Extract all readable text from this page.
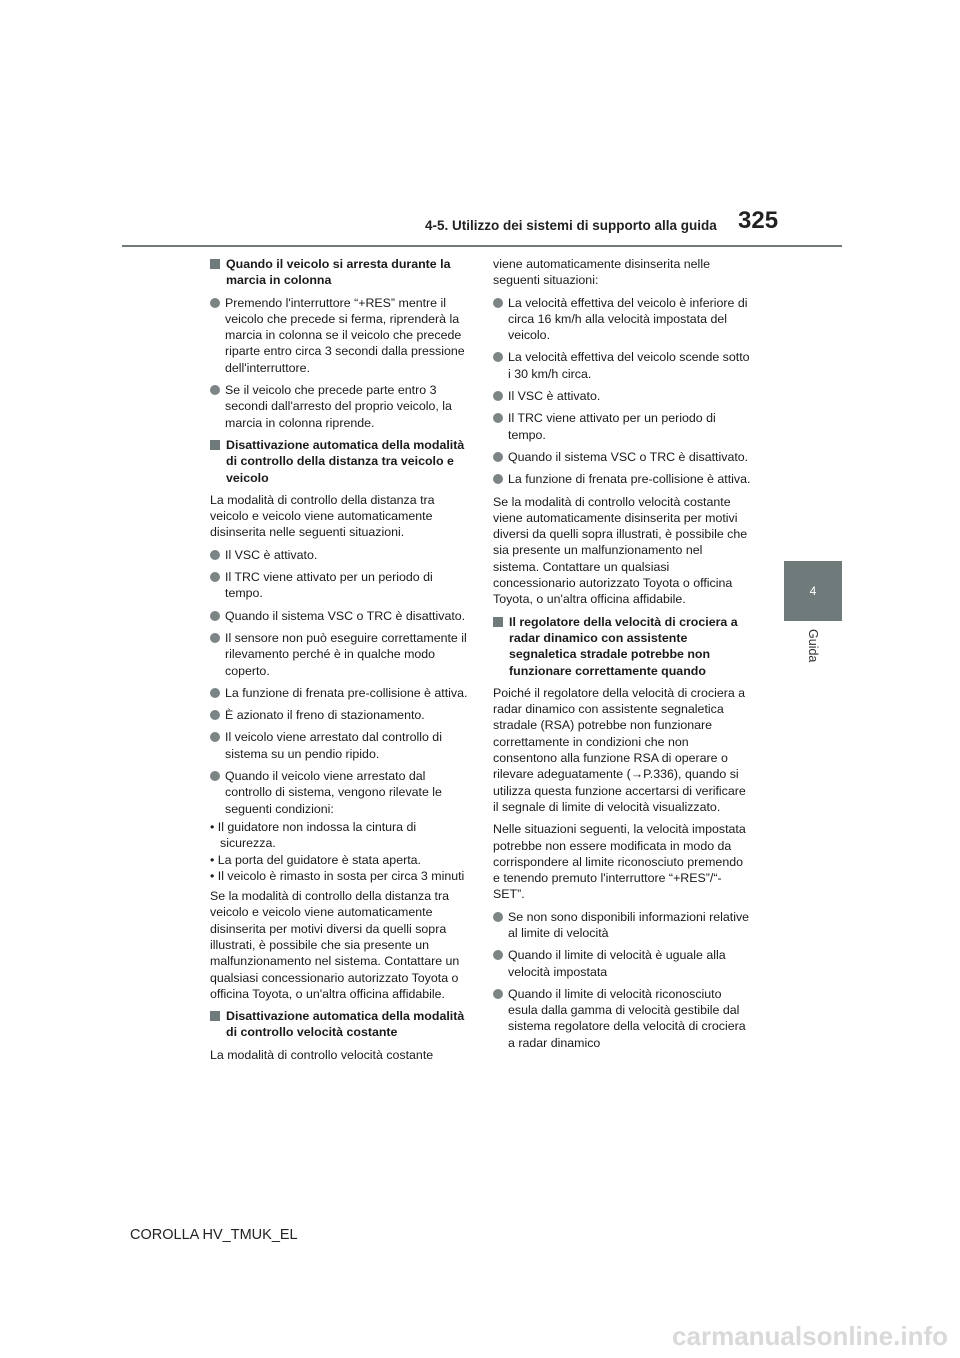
4-5. Utilizzo dei sistemi di supporto alla guida 325
4
Guida
Quando il veicolo si arresta durante la marcia in colonna
Premendo l'interruttore “+RES” mentre il veicolo che precede si ferma, riprenderà la marcia in colonna se il veicolo che precede riparte entro circa 3 secondi dalla pressione dell'interruttore.
Se il veicolo che precede parte entro 3 secondi dall'arresto del proprio veicolo, la marcia in colonna riprende.
Disattivazione automatica della modalità di controllo della distanza tra veicolo e veicolo
La modalità di controllo della distanza tra veicolo e veicolo viene automaticamente disinserita nelle seguenti situazioni.
Il VSC è attivato.
Il TRC viene attivato per un periodo di tempo.
Quando il sistema VSC o TRC è disattivato.
Il sensore non può eseguire correttamente il rilevamento perché è in qualche modo coperto.
La funzione di frenata pre-collisione è attiva.
È azionato il freno di stazionamento.
Il veicolo viene arrestato dal controllo di sistema su un pendio ripido.
Quando il veicolo viene arrestato dal controllo di sistema, vengono rilevate le seguenti condizioni:
• Il guidatore non indossa la cintura di sicurezza.
• La porta del guidatore è stata aperta.
• Il veicolo è rimasto in sosta per circa 3 minuti
Se la modalità di controllo della distanza tra veicolo e veicolo viene automaticamente disinserita per motivi diversi da quelli sopra illustrati, è possibile che sia presente un malfunzionamento nel sistema. Contattare un qualsiasi concessionario autorizzato Toyota o officina Toyota, o un'altra officina affidabile.
Disattivazione automatica della modalità di controllo velocità costante
La modalità di controllo velocità costante
viene automaticamente disinserita nelle seguenti situazioni:
La velocità effettiva del veicolo è inferiore di circa 16 km/h alla velocità impostata del veicolo.
La velocità effettiva del veicolo scende sotto i 30 km/h circa.
Il VSC è attivato.
Il TRC viene attivato per un periodo di tempo.
Quando il sistema VSC o TRC è disattivato.
La funzione di frenata pre-collisione è attiva.
Se la modalità di controllo velocità costante viene automaticamente disinserita per motivi diversi da quelli sopra illustrati, è possibile che sia presente un malfunzionamento nel sistema. Contattare un qualsiasi concessionario autorizzato Toyota o officina Toyota, o un'altra officina affidabile.
Il regolatore della velocità di crociera a radar dinamico con assistente segnaletica stradale potrebbe non funzionare correttamente quando
Poiché il regolatore della velocità di crociera a radar dinamico con assistente segnaletica stradale (RSA) potrebbe non funzionare correttamente in condizioni che non consentono alla funzione RSA di operare o rilevare adeguatamente (→P.336), quando si utilizza questa funzione accertarsi di verificare il segnale di limite di velocità visualizzato.
Nelle situazioni seguenti, la velocità impostata potrebbe non essere modificata in modo da corrispondere al limite riconosciuto premendo e tenendo premuto l'interruttore “+RES”/“-SET”.
Se non sono disponibili informazioni relative al limite di velocità
Quando il limite di velocità è uguale alla velocità impostata
Quando il limite di velocità riconosciuto esula dalla gamma di velocità gestibile dal sistema regolatore della velocità di crociera a radar dinamico
COROLLA HV_TMUK_EL
carmanualsonline.info
